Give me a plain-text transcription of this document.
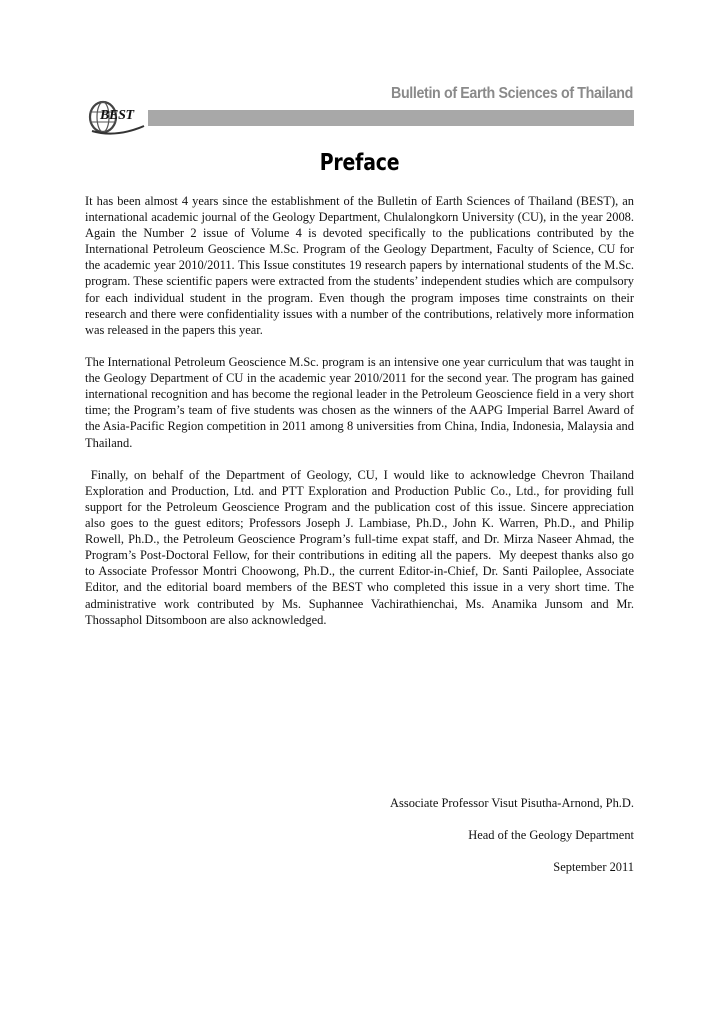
Bulletin of Earth Sciences of Thailand
BEST
Preface

It has been almost 4 years since the establishment of the Bulletin of Earth Sciences of Thailand (BEST), an international academic journal of the Geology Department, Chulalongkorn University (CU), in the year 2008. Again the Number 2 issue of Volume 4 is devoted specifically to the publications contributed by the International Petroleum Geoscience M.Sc. Program of the Geology Department, Faculty of Science, CU for the academic year 2010/2011. This Issue constitutes 19 research papers by international students of the M.Sc. program. These scientific papers were extracted from the students’ independent studies which are compulsory for each individual student in the program. Even though the program imposes time constraints on their research and there were confidentiality issues with a number of the contributions, relatively more information was released in the papers this year.

The International Petroleum Geoscience M.Sc. program is an intensive one year curriculum that was taught in the Geology Department of CU in the academic year 2010/2011 for the second year. The program has gained international recognition and has become the regional leader in the Petroleum Geoscience field in a very short time; the Program’s team of five students was chosen as the winners of the AAPG Imperial Barrel Award of the Asia-Pacific Region competition in 2011 among 8 universities from China, India, Indonesia, Malaysia and Thailand.

Finally, on behalf of the Department of Geology, CU, I would like to acknowledge Chevron Thailand Exploration and Production, Ltd. and PTT Exploration and Production Public Co., Ltd., for providing full support for the Petroleum Geoscience Program and the publication cost of this issue. Sincere appreciation also goes to the guest editors; Professors Joseph J. Lambiase, Ph.D., John K. Warren, Ph.D., and Philip Rowell, Ph.D., the Petroleum Geoscience Program’s full-time expat staff, and Dr. Mirza Naseer Ahmad, the Program’s Post-Doctoral Fellow, for their contributions in editing all the papers.  My deepest thanks also go to Associate Professor Montri Choowong, Ph.D., the current Editor-in-Chief, Dr. Santi Pailoplee, Associate Editor, and the editorial board members of the BEST who completed this issue in a very short time. The administrative work contributed by Ms. Suphannee Vachirathienchai, Ms. Anamika Junsom and Mr. Thossaphol Ditsomboon are also acknowledged.

Associate Professor Visut Pisutha-Arnond, Ph.D.
Head of the Geology Department
September 2011
